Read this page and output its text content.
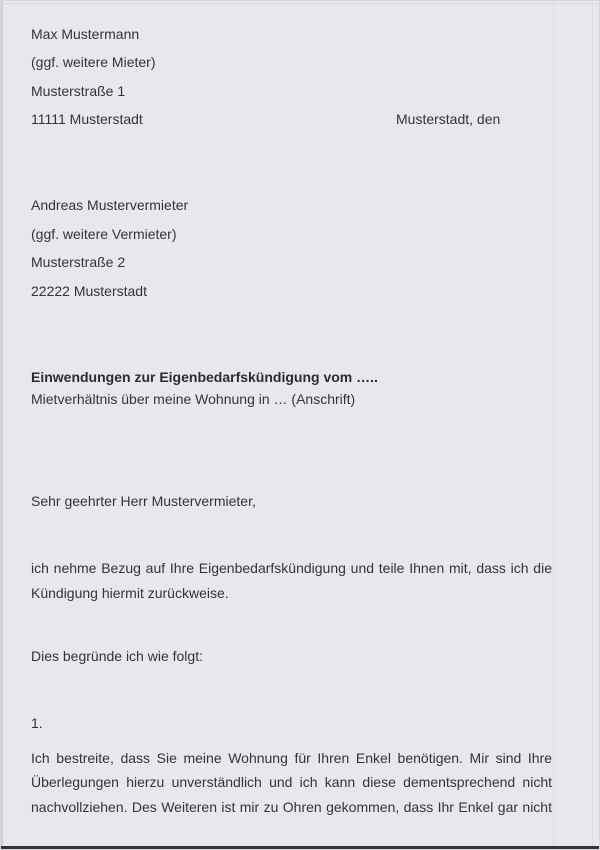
Max Mustermann
(ggf. weitere Mieter)
Musterstraße 1
11111 Musterstadt	Musterstadt, den
Andreas Mustervermieter
(ggf. weitere Vermieter)
Musterstraße 2
22222 Musterstadt
Einwendungen zur Eigenbedarfskündigung vom …..
Mietverhältnis über meine Wohnung in … (Anschrift)
Sehr geehrter Herr Mustervermieter,

ich nehme Bezug auf Ihre Eigenbedarfskündigung und teile Ihnen mit, dass ich die Kündigung hiermit zurückweise.

Dies begründe ich wie folgt:
1.

Ich bestreite, dass Sie meine Wohnung für Ihren Enkel benötigen. Mir sind Ihre Überlegungen hierzu unverständlich und ich kann diese dementsprechend nicht nachvollziehen. Des Weiteren ist mir zu Ohren gekommen, dass Ihr Enkel gar nicht
